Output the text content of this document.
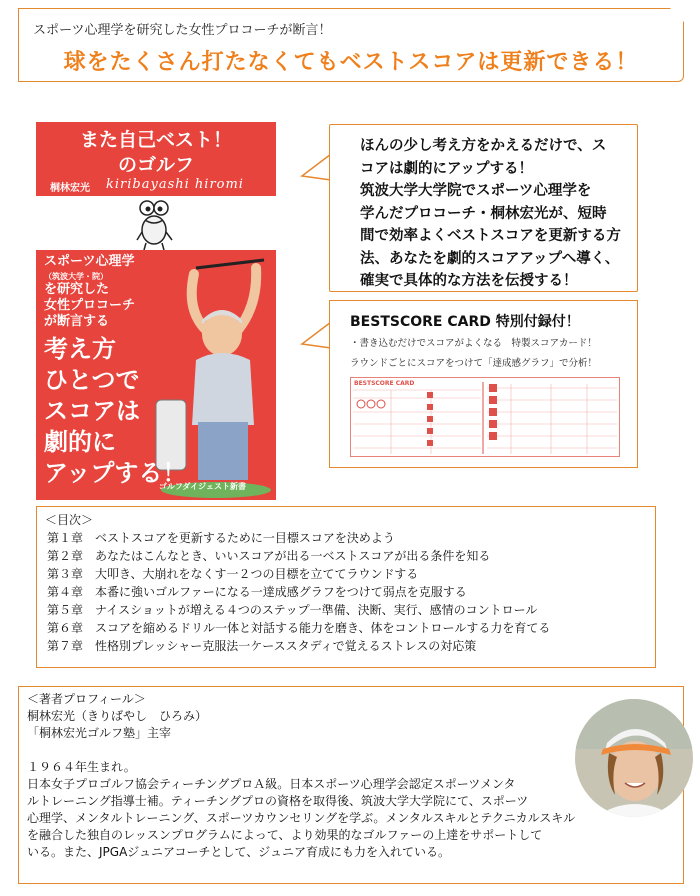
スポーツ心理学を研究した女性プロコーチが断言！
球をたくさん打たなくてもベストスコアは更新できる！
また自己ベスト！
のゴルフ
桐林宏光 kiribayashi hiromi
スポーツ心理学
（筑波大学・院）
を研究した
女性プロコーチ
が断言する
考え方
ひとつで
スコアは
劇的に
アップする！
ゴルフダイジェスト新書
ほんの少し考え方をかえるだけで、ス
コアは劇的にアップする！
筑波大学大学院でスポーツ心理学を
学んだプロコーチ・桐林宏光が、短時
間で効率よくベストスコアを更新する方
法、あなたを劇的スコアアップへ導く、
確実で具体的な方法を伝授する！
BESTSCORE CARD 特別付録付！
・書き込むだけでスコアがよくなる　特製スコアカード！
ラウンドごとにスコアをつけて「達成感グラフ」で分析！
BESTSCORE CARD
＜目次＞
第１章　 ベストスコアを更新するために一目標スコアを決めよう
第２章　 あなたはこんなとき、いいスコアが出る一ベストスコアが出る条件を知る
第３章　 大叩き、大崩れをなくす一２つの目標を立ててラウンドする
第４章　 本番に強いゴルファーになる一達成感グラフをつけて弱点を克服する
第５章　 ナイスショットが増える４つのステップ一準備、決断、実行、感情のコントロール
第６章　 スコアを縮めるドリル一体と対話する能力を磨き、体をコントロールする力を育てる
第７章　 性格別プレッシャー克服法一ケーススタディで覚えるストレスの対応策
＜著者プロフィール＞
桐林宏光（きりばやし　ひろみ）
「桐林宏光ゴルフ塾」主宰
１９６４年生まれ。
日本女子プロゴルフ協会ティーチングプロＡ級。日本スポーツ心理学会認定スポーツメンタ
ルトレーニング指導士補。ティーチングプロの資格を取得後、筑波大学大学院にて、スポーツ
心理学、メンタルトレーニング、スポーツカウンセリングを学ぶ。メンタルスキルとテクニカルスキル
を融合した独自のレッスンプログラムによって、より効果的なゴルファーの上達をサポートして
いる。また、JPGAジュニアコーチとして、ジュニア育成にも力を入れている。
